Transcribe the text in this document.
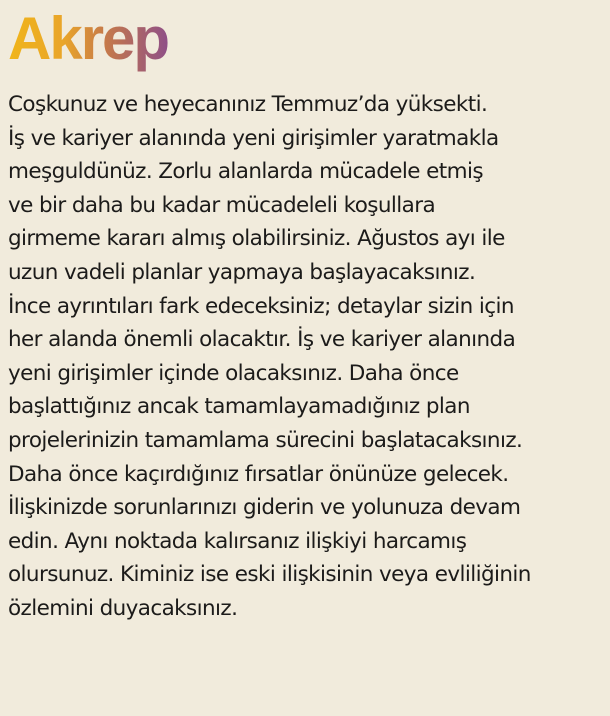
Akrep
Coşkunuz ve heyecanınız Temmuz’da yüksekti.
İş ve kariyer alanında yeni girişimler yaratmakla
meşguldünüz. Zorlu alanlarda mücadele etmiş
ve bir daha bu kadar mücadeleli koşullara
girmeme kararı almış olabilirsiniz. Ağustos ayı ile
uzun vadeli planlar yapmaya başlayacaksınız.
İnce ayrıntıları fark edeceksiniz; detaylar sizin için
her alanda önemli olacaktır. İş ve kariyer alanında
yeni girişimler içinde olacaksınız. Daha önce
başlattığınız ancak tamamlayamadığınız plan
projelerinizin tamamlama sürecini başlatacaksınız.
Daha önce kaçırdığınız fırsatlar önünüze gelecek.
İlişkinizde sorunlarınızı giderin ve yolunuza devam
edin. Aynı noktada kalırsanız ilişkiyi harcamış
olursunuz. Kiminiz ise eski ilişkisinin veya evliliğinin
özlemini duyacaksınız.
